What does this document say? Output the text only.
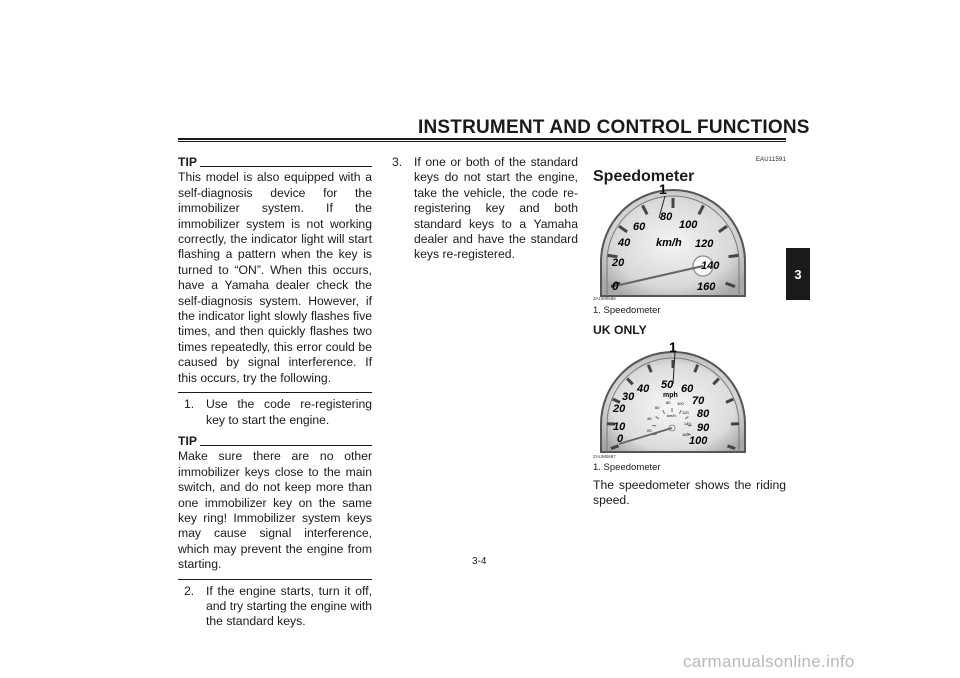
INSTRUMENT AND CONTROL FUNCTIONS
3
TIP

This model is also equipped with a self-diagnosis device for the immobilizer system. If the immobilizer system is not working correctly, the indicator light will start flashing a pattern when the key is turned to “ON”. When this occurs, have a Yamaha dealer check the self-diagnosis system. However, if the indicator light slowly flashes five times, and then quickly flashes two times repeatedly, this error could be caused by signal interference. If this occurs, try the following.

1. Use the code re-registering key to start the engine.
TIP

Make sure there are no other immobilizer keys close to the main switch, and do not keep more than one immobilizer key on the same key ring! Immobilizer system keys may cause signal interference, which may prevent the engine from starting.

2. If the engine starts, turn it off, and try starting the engine with the standard keys.
3. If one or both of the standard keys do not start the engine, take the vehicle, the code re-registering key and both standard keys to a Yamaha dealer and have the standard keys re-registered.
EAU11591
Speedometer
0
20
40
60
80
100
120
140
160
km/h
1
ZAUM0686
1. Speedometer
UK ONLY
0
10
20
30
40 50 60
70
80
90
100
mph
20
40
60
80 100
120
140
160
km/h
1
ZAUM0687
1. Speedometer
The speedometer shows the riding speed.
3-4
carmanualsonline.info
